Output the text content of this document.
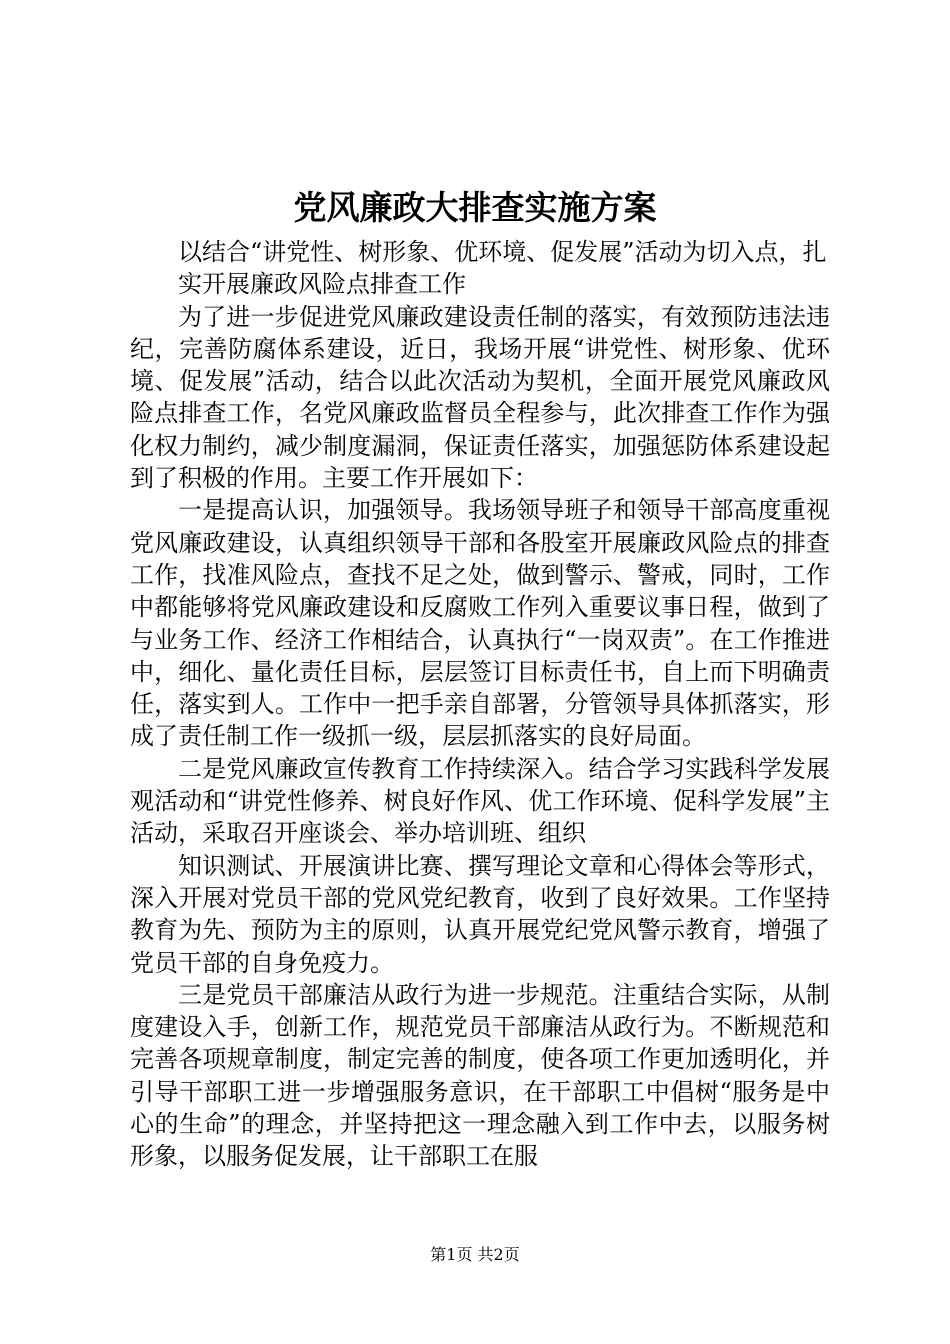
党风廉政大排查实施方案

以结合“讲党性、树形象、优环境、促发展”活动为切入点，扎

实开展廉政风险点排查工作

为了进一步促进党风廉政建设责任制的落实，有效预防违法违纪，完善防腐体系建设，近日，我场开展“讲党性、树形象、优环境、促发展”活动，结合以此次活动为契机，全面开展党风廉政风险点排查工作，名党风廉政监督员全程参与，此次排查工作作为强化权力制约，减少制度漏洞，保证责任落实，加强惩防体系建设起到了积极的作用。主要工作开展如下：

一是提高认识，加强领导。我场领导班子和领导干部高度重视党风廉政建设，认真组织领导干部和各股室开展廉政风险点的排查工作，找准风险点，查找不足之处，做到警示、警戒，同时，工作中都能够将党风廉政建设和反腐败工作列入重要议事日程，做到了与业务工作、经济工作相结合，认真执行“一岗双责”。在工作推进中，细化、量化责任目标，层层签订目标责任书，自上而下明确责任，落实到人。工作中一把手亲自部署，分管领导具体抓落实，形成了责任制工作一级抓一级，层层抓落实的良好局面。

二是党风廉政宣传教育工作持续深入。结合学习实践科学发展观活动和“讲党性修养、树良好作风、优工作环境、促科学发展”主活动，采取召开座谈会、举办培训班、组织

知识测试、开展演讲比赛、撰写理论文章和心得体会等形式，深入开展对党员干部的党风党纪教育，收到了良好效果。工作坚持教育为先、预防为主的原则，认真开展党纪党风警示教育，增强了党员干部的自身免疫力。

三是党员干部廉洁从政行为进一步规范。注重结合实际，从制度建设入手，创新工作，规范党员干部廉洁从政行为。不断规范和完善各项规章制度，制定完善的制度，使各项工作更加透明化，并引导干部职工进一步增强服务意识，在干部职工中倡树“服务是中心的生命”的理念，并坚持把这一理念融入到工作中去，以服务树形象，以服务促发展，让干部职工在服

第1页 共2页
